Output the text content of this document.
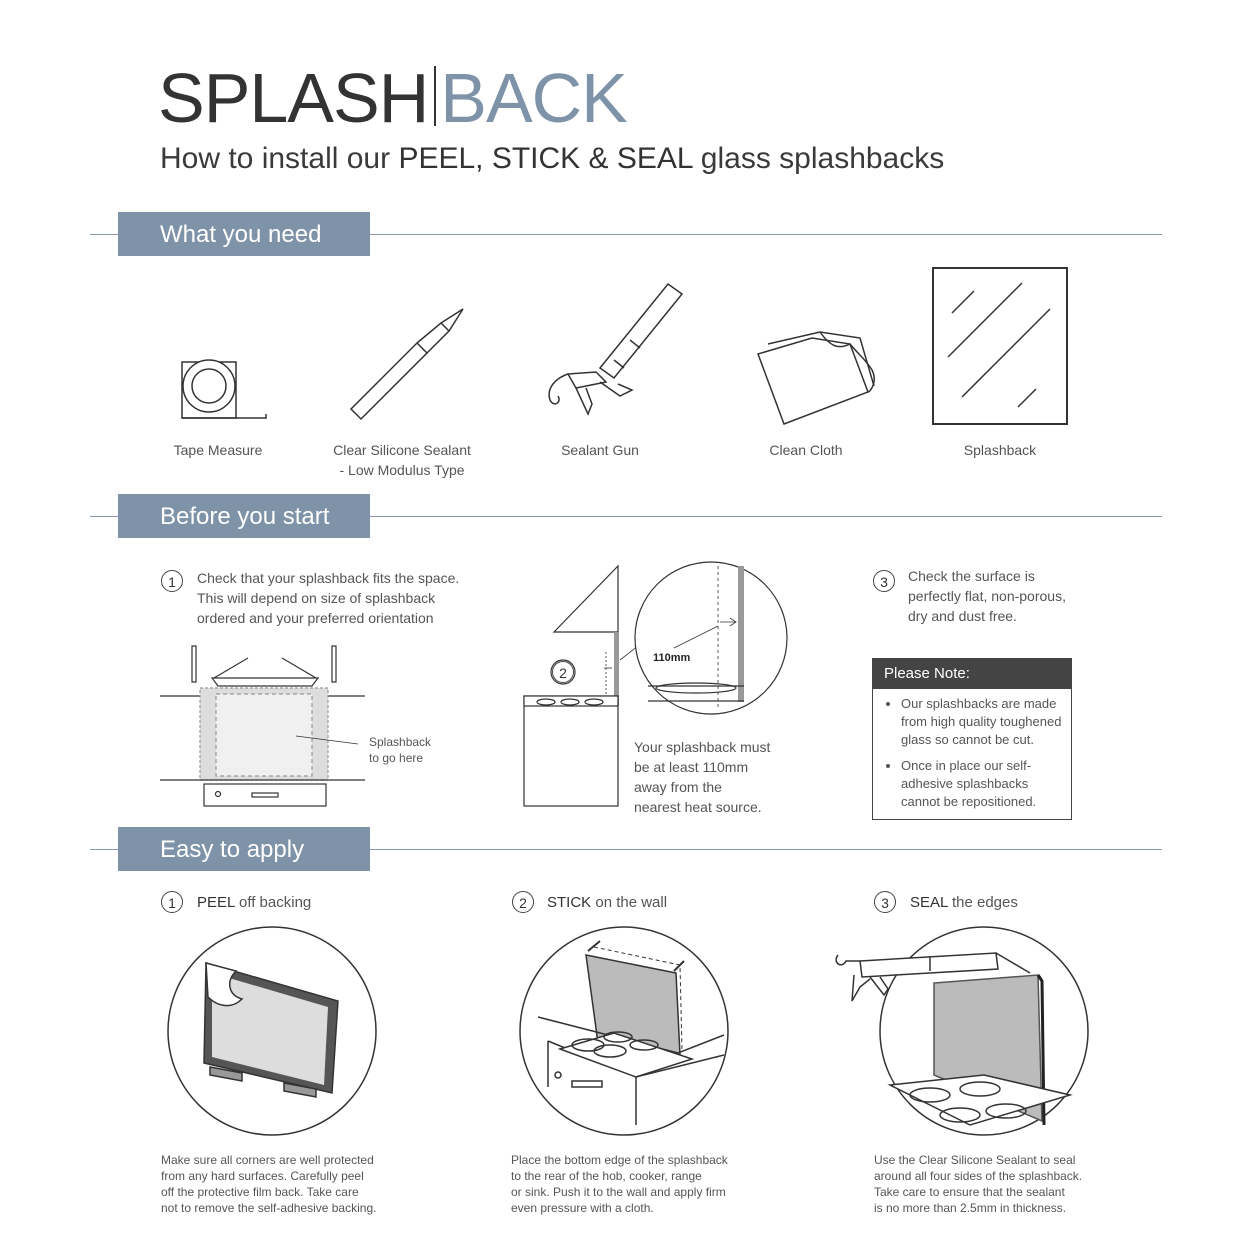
SPLASH BACK
How to install our PEEL, STICK & SEAL glass splashbacks
What you need
Tape Measure	Clear Silicone Sealant
- Low Modulus Type
Sealant Gun	Clean Cloth	Splashback
Before you start
1	Check that your splashback fits the space.
This will depend on size of splashback
ordered and your preferred orientation
Splashback
to go here
2
110mm
Your splashback must
be at least 110mm
away from the
nearest heat source.
3	Check the surface is
perfectly flat, non-porous,
dry and dust free.
Please Note:
• Our splashbacks are made from high quality toughened glass so cannot be cut.
• Once in place our self-adhesive splashbacks cannot be repositioned.
Easy to apply
1	PEEL off backing
Make sure all corners are well protected
from any hard surfaces. Carefully peel
off the protective film back. Take care
not to remove the self-adhesive backing.
2	STICK on the wall
Place the bottom edge of the splashback
to the rear of the hob, cooker, range
or sink. Push it to the wall and apply firm
even pressure with a cloth.
3	SEAL the edges
Use the Clear Silicone Sealant to seal
around all four sides of the splashback.
Take care to ensure that the sealant
is no more than 2.5mm in thickness.
